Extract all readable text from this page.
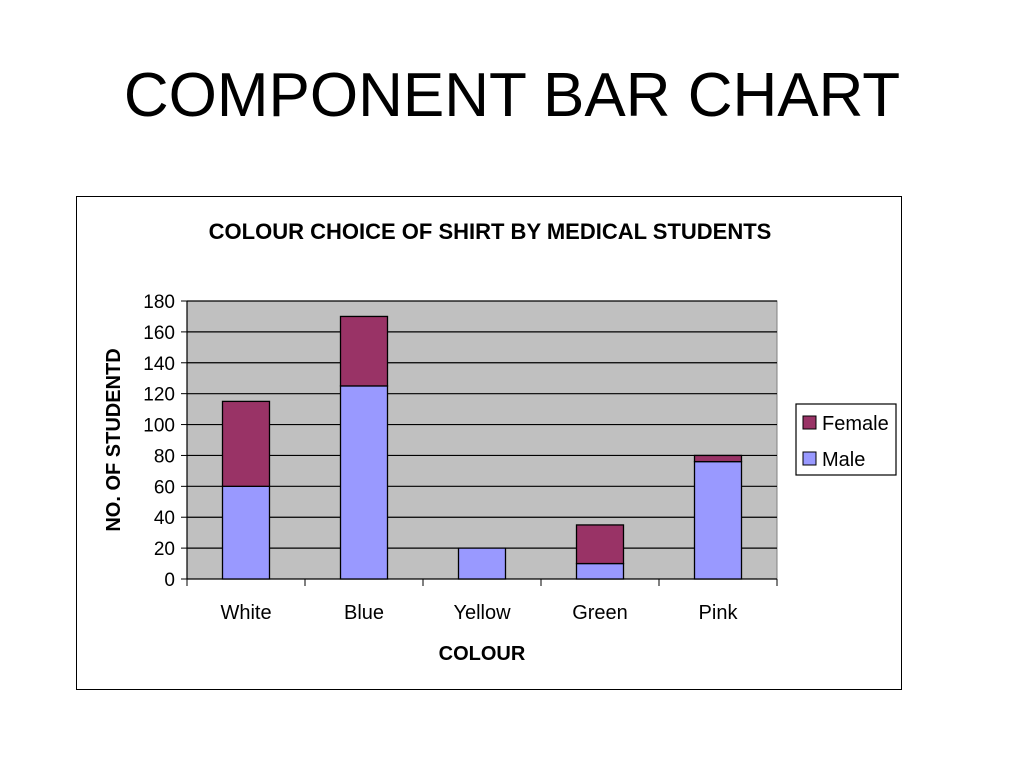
COMPONENT BAR CHART
COLOUR CHOICE OF SHIRT BY MEDICAL STUDENTS
COLOUR
NO. OF STUDENTD
0
20
40
60
80
100
120
140
160
180
White	Blue	Yellow	Green	Pink
Female
Male
